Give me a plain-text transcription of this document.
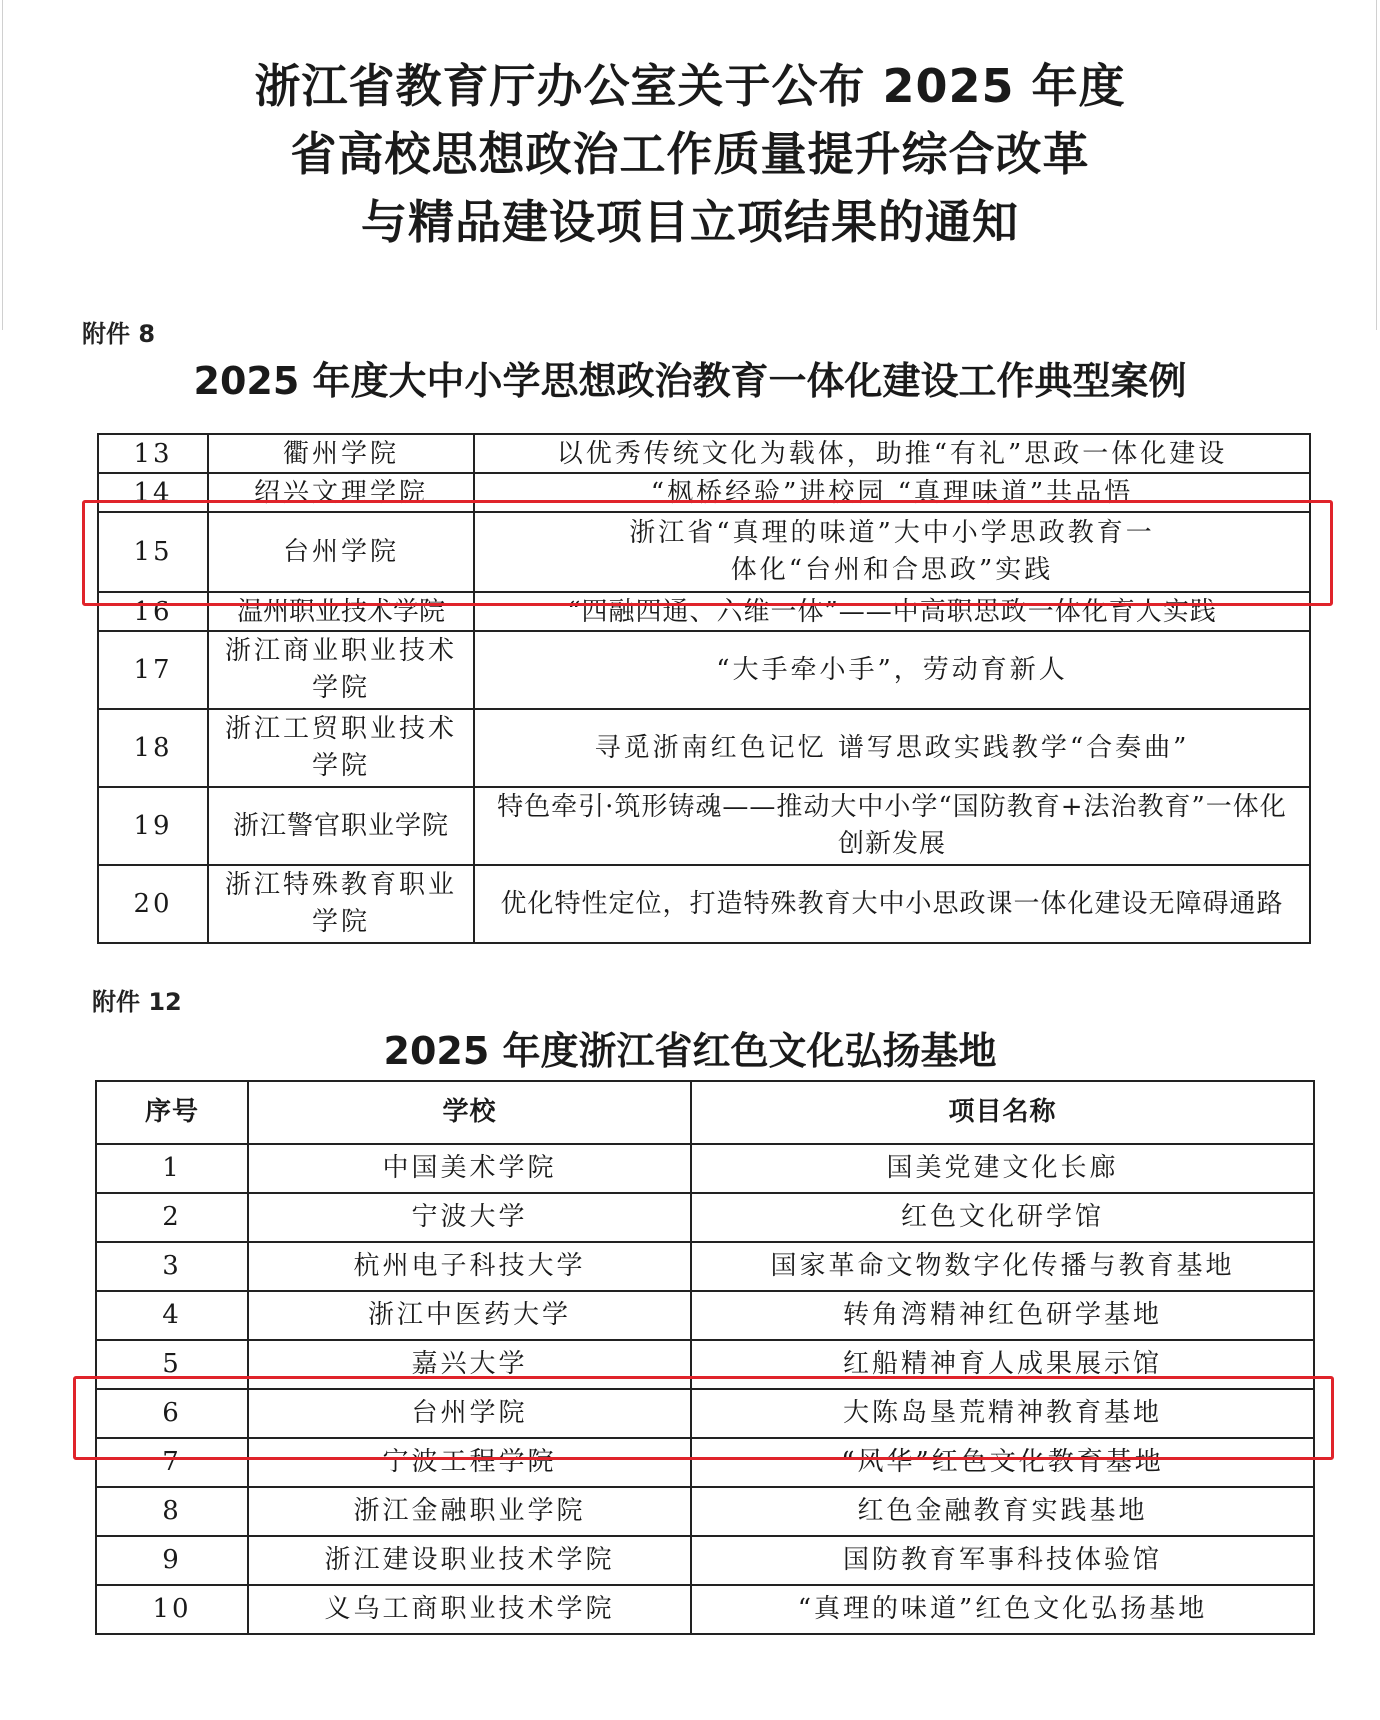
浙江省教育厅办公室关于公布 2025 年度
省高校思想政治工作质量提升综合改革
与精品建设项目立项结果的通知
附件 8
2025 年度大中小学思想政治教育一体化建设工作典型案例
13	衢州学院	以优秀传统文化为载体，助推“有礼”思政一体化建设
14	绍兴文理学院	“枫桥经验”进校园 “真理味道”共品悟
15	台州学院	浙江省“真理的味道”大中小学思政教育一体化“台州和合思政”实践
16	温州职业技术学院	“四融四通、六维一体”——中高职思政一体化育人实践
17	浙江商业职业技术学院	“大手牵小手”，劳动育新人
18	浙江工贸职业技术学院	寻觅浙南红色记忆 谱写思政实践教学“合奏曲”
19	浙江警官职业学院	特色牵引·筑形铸魂——推动大中小学“国防教育+法治教育”一体化创新发展
20	浙江特殊教育职业学院	优化特性定位，打造特殊教育大中小思政课一体化建设无障碍通路
附件 12
2025 年度浙江省红色文化弘扬基地
序号	学校	项目名称
1	中国美术学院	国美党建文化长廊
2	宁波大学	红色文化研学馆
3	杭州电子科技大学	国家革命文物数字化传播与教育基地
4	浙江中医药大学	转角湾精神红色研学基地
5	嘉兴大学	红船精神育人成果展示馆
6	台州学院	大陈岛垦荒精神教育基地
7	宁波工程学院	“风华”红色文化教育基地
8	浙江金融职业学院	红色金融教育实践基地
9	浙江建设职业技术学院	国防教育军事科技体验馆
10	义乌工商职业技术学院	“真理的味道”红色文化弘扬基地
